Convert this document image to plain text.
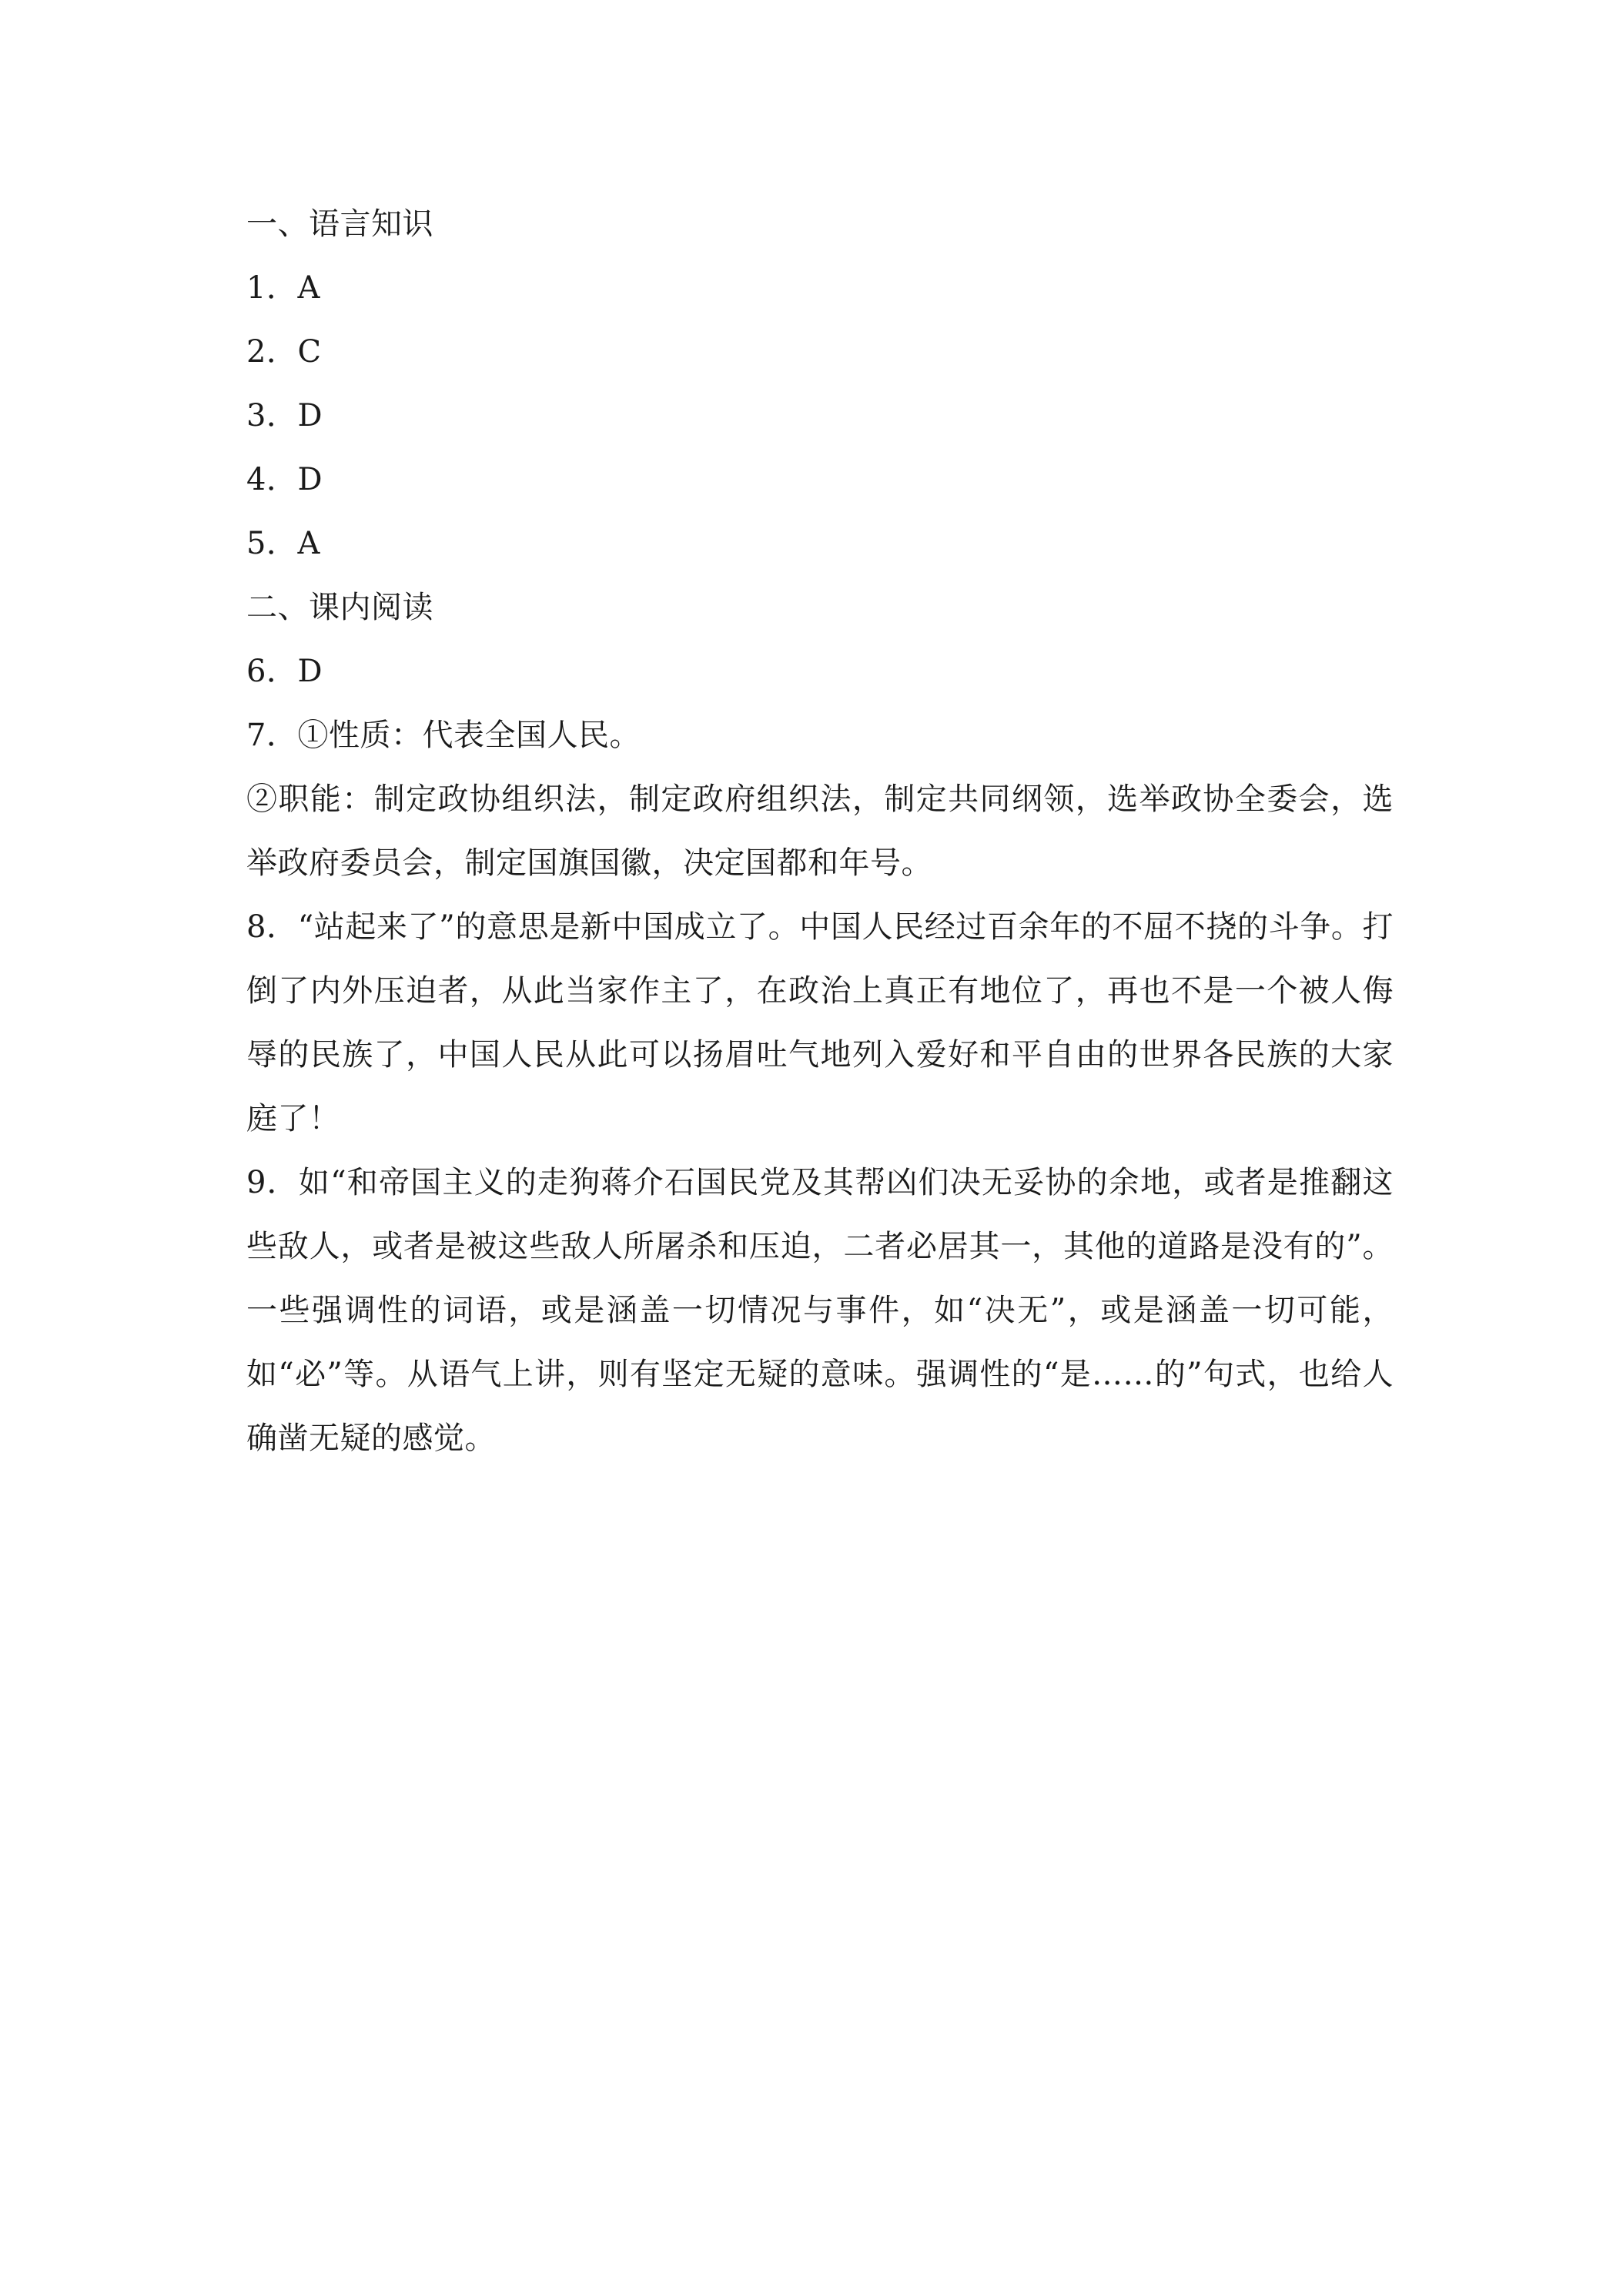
一、语言知识
1．A
2．C
3．D
4．D
5．A
二、课内阅读
6．D
7．①性质：代表全国人民。
②职能：制定政协组织法，制定政府组织法，制定共同纲领，选举政协全委会，选举政府委员会，制定国旗国徽，决定国都和年号。
8．“站起来了”的意思是新中国成立了。中国人民经过百余年的不屈不挠的斗争。打倒了内外压迫者，从此当家作主了，在政治上真正有地位了，再也不是一个被人侮辱的民族了，中国人民从此可以扬眉吐气地列入爱好和平自由的世界各民族的大家庭了！
9．如“和帝国主义的走狗蒋介石国民党及其帮凶们决无妥协的余地，或者是推翻这些敌人，或者是被这些敌人所屠杀和压迫，二者必居其一，其他的道路是没有的”。一些强调性的词语，或是涵盖一切情况与事件，如“决无”，或是涵盖一切可能，如“必”等。从语气上讲，则有坚定无疑的意味。强调性的“是……的”句式，也给人确凿无疑的感觉。
